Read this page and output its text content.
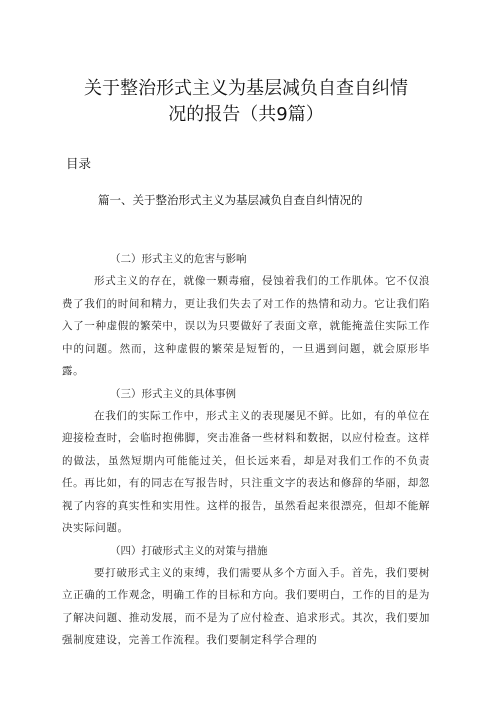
关于整治形式主义为基层减负自查自纠情况的报告（共9篇）
目录
篇一、关于整治形式主义为基层减负自查自纠情况的
（二）形式主义的危害与影响

形式主义的存在，就像一颗毒瘤，侵蚀着我们的工作肌体。它不仅浪费了我们的时间和精力，更让我们失去了对工作的热情和动力。它让我们陷入了一种虚假的繁荣中，误以为只要做好了表面文章，就能掩盖住实际工作中的问题。然而，这种虚假的繁荣是短暂的，一旦遇到问题，就会原形毕露。

（三）形式主义的具体事例

在我们的实际工作中，形式主义的表现屡见不鲜。比如，有的单位在迎接检查时，会临时抱佛脚，突击准备一些材料和数据，以应付检查。这样的做法，虽然短期内可能能过关，但长远来看，却是对我们工作的不负责任。再比如，有的同志在写报告时，只注重文字的表达和修辞的华丽，却忽视了内容的真实性和实用性。这样的报告，虽然看起来很漂亮，但却不能解决实际问题。

（四）打破形式主义的对策与措施

要打破形式主义的束缚，我们需要从多个方面入手。首先，我们要树立正确的工作观念，明确工作的目标和方向。我们要明白，工作的目的是为了解决问题、推动发展，而不是为了应付检查、追求形式。其次，我们要加强制度建设，完善工作流程。我们要制定科学合理的
